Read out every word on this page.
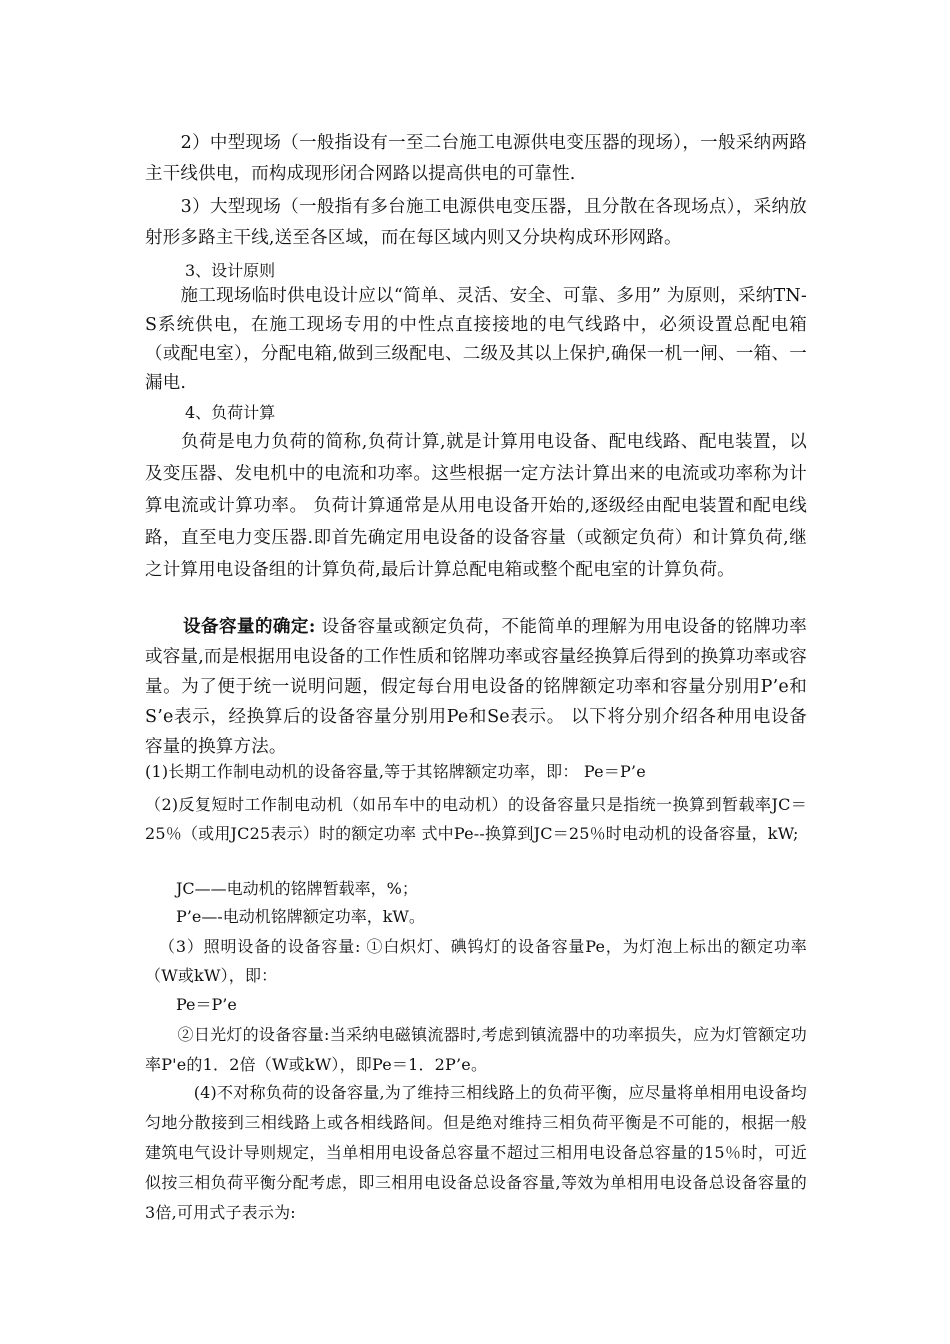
　　2）中型现场（一般指设有一至二台施工电源供电变压器的现场），一般采纳两路主干线供电，而构成现形闭合网路以提高供电的可靠性.

　　3）大型现场（一般指有多台施工电源供电变压器，且分散在各现场点），采纳放射形多路主干线,送至各区域，而在每区域内则又分块构成环形网路。

3、设计原则

　　施工现场临时供电设计应以“简单、灵活、安全、可靠、多用” 为原则，采纳TN-S系统供电，在施工现场专用的中性点直接接地的电气线路中，必须设置总配电箱（或配电室），分配电箱,做到三级配电、二级及其以上保护,确保一机一闸、一箱、一漏电.

4、负荷计算

　　负荷是电力负荷的简称,负荷计算,就是计算用电设备、配电线路、配电装置，以及变压器、发电机中的电流和功率。这些根据一定方法计算出来的电流或功率称为计算电流或计算功率。 负荷计算通常是从用电设备开始的,逐级经由配电装置和配电线路，直至电力变压器.即首先确定用电设备的设备容量（或额定负荷）和计算负荷,继之计算用电设备组的计算负荷,最后计算总配电箱或整个配电室的计算负荷。

设备容量的确定: 设备容量或额定负荷，不能简单的理解为用电设备的铭牌功率或容量,而是根据用电设备的工作性质和铭牌功率或容量经换算后得到的换算功率或容量。为了便于统一说明问题，假定每台用电设备的铭牌额定功率和容量分别用P’e和S’e表示，经换算后的设备容量分别用Pe和Se表示。 以下将分别介绍各种用电设备容量的换算方法。

(1)长期工作制电动机的设备容量,等于其铭牌额定功率，即： Pe＝P’e

（2)反复短时工作制电动机（如吊车中的电动机）的设备容量只是指统一换算到暂载率JC＝25％（或用JC25表示）时的额定功率 式中Pe--换算到JC＝25％时电动机的设备容量，kW;

JC——电动机的铭牌暂载率，%；

P’e—-电动机铭牌额定功率，kW。

（3）照明设备的设备容量: ①白炽灯、碘钨灯的设备容量Pe，为灯泡上标出的额定功率（W或kW），即：

Pe＝P’e

　　②日光灯的设备容量:当采纳电磁镇流器时,考虑到镇流器中的功率损失，应为灯管额定功率P'e的1．2倍（W或kW），即Pe＝1．2P’e。

　　　(4)不对称负荷的设备容量,为了维持三相线路上的负荷平衡，应尽量将单相用电设备均匀地分散接到三相线路上或各相线路间。但是绝对维持三相负荷平衡是不可能的，根据一般建筑电气设计导则规定，当单相用电设备总容量不超过三相用电设备总容量的15％时，可近似按三相负荷平衡分配考虑，即三相用电设备总设备容量,等效为单相用电设备总设备容量的3倍,可用式子表示为:
